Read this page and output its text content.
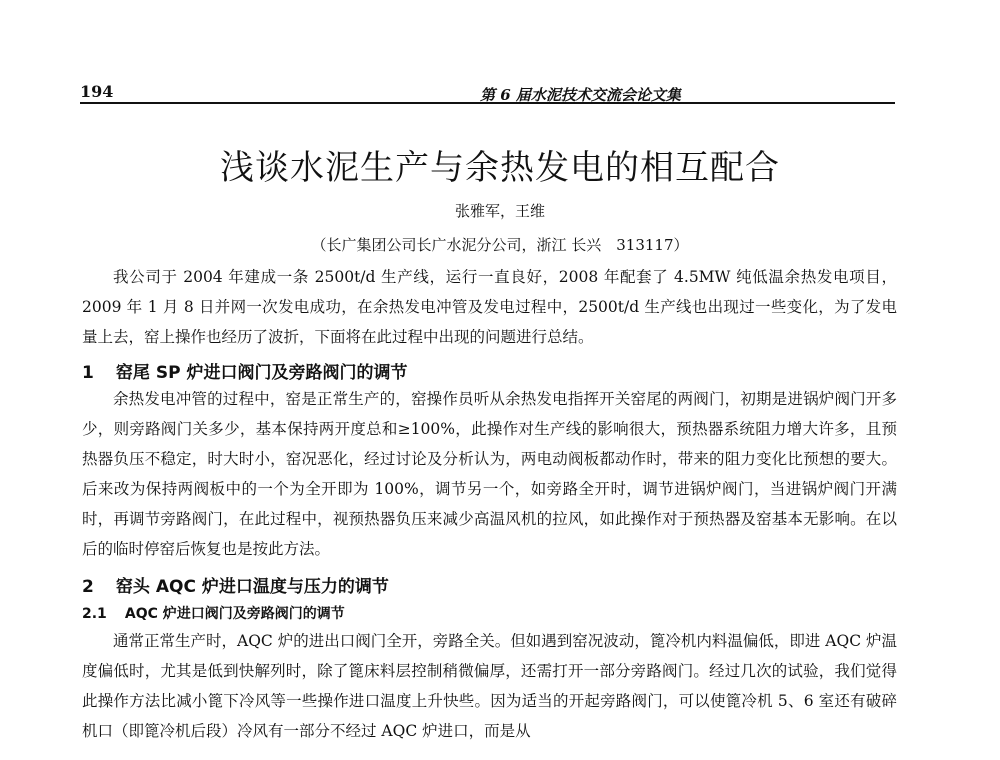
194	第 6 届水泥技术交流会论文集
浅谈水泥生产与余热发电的相互配合
张雅军，王维
（长广集团公司长广水泥分公司，浙江 长兴　313117）

我公司于 2004 年建成一条 2500t/d 生产线，运行一直良好，2008 年配套了 4.5MW 纯低温余热发电项目，2009 年 1 月 8 日并网一次发电成功，在余热发电冲管及发电过程中，2500t/d 生产线也出现过一些变化，为了发电量上去，窑上操作也经历了波折，下面将在此过程中出现的问题进行总结。

1 窑尾 SP 炉进口阀门及旁路阀门的调节

余热发电冲管的过程中，窑是正常生产的，窑操作员听从余热发电指挥开关窑尾的两阀门，初期是进锅炉阀门开多少，则旁路阀门关多少，基本保持两开度总和≥100%，此操作对生产线的影响很大，预热器系统阻力增大许多，且预热器负压不稳定，时大时小，窑况恶化，经过讨论及分析认为，两电动阀板都动作时，带来的阻力变化比预想的要大。后来改为保持两阀板中的一个为全开即为 100%，调节另一个，如旁路全开时，调节进锅炉阀门，当进锅炉阀门开满时，再调节旁路阀门，在此过程中，视预热器负压来减少高温风机的拉风，如此操作对于预热器及窑基本无影响。在以后的临时停窑后恢复也是按此方法。

2 窑头 AQC 炉进口温度与压力的调节
2.1 AQC 炉进口阀门及旁路阀门的调节

通常正常生产时，AQC 炉的进出口阀门全开，旁路全关。但如遇到窑况波动，篦冷机内料温偏低，即进 AQC 炉温度偏低时，尤其是低到快解列时，除了篦床料层控制稍微偏厚，还需打开一部分旁路阀门。经过几次的试验，我们觉得此操作方法比减小篦下冷风等一些操作进口温度上升快些。因为适当的开起旁路阀门，可以使篦冷机 5、6 室还有破碎机口（即篦冷机后段）冷风有一部分不经过 AQC 炉进口，而是从
